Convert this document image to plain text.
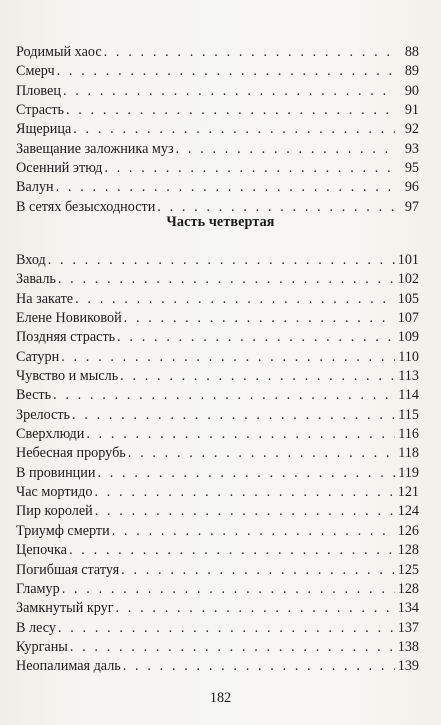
Родимый хаос . . .	88
Смерч . . .	89
Пловец . . .	90
Страсть . . .	91
Ящерица . . .	92
Завещание заложника муз . . .	93
Осенний этюд . . .	95
Валун . . .	96
В сетях безысходности . . .	97
Часть четвертая
Вход . . .	101
Заваль . . .	102
На закате . . .	105
Елене Новиковой . . .	107
Поздняя страсть . . .	109
Сатурн . . .	110
Чувство и мысль . . .	113
Весть . . .	114
Зрелость . . .	115
Сверхлюди . . .	116
Небесная прорубь . . .	118
В провинции . . .	119
Час мортидо . . .	121
Пир королей . . .	124
Триумф смерти . . .	126
Цепочка . . .	128
Погибшая статуя . . .	125
Гламур . . .	128
Замкнутый круг . . .	134
В лесу . . .	137
Курганы . . .	138
Неопалимая даль . . .	139
182
